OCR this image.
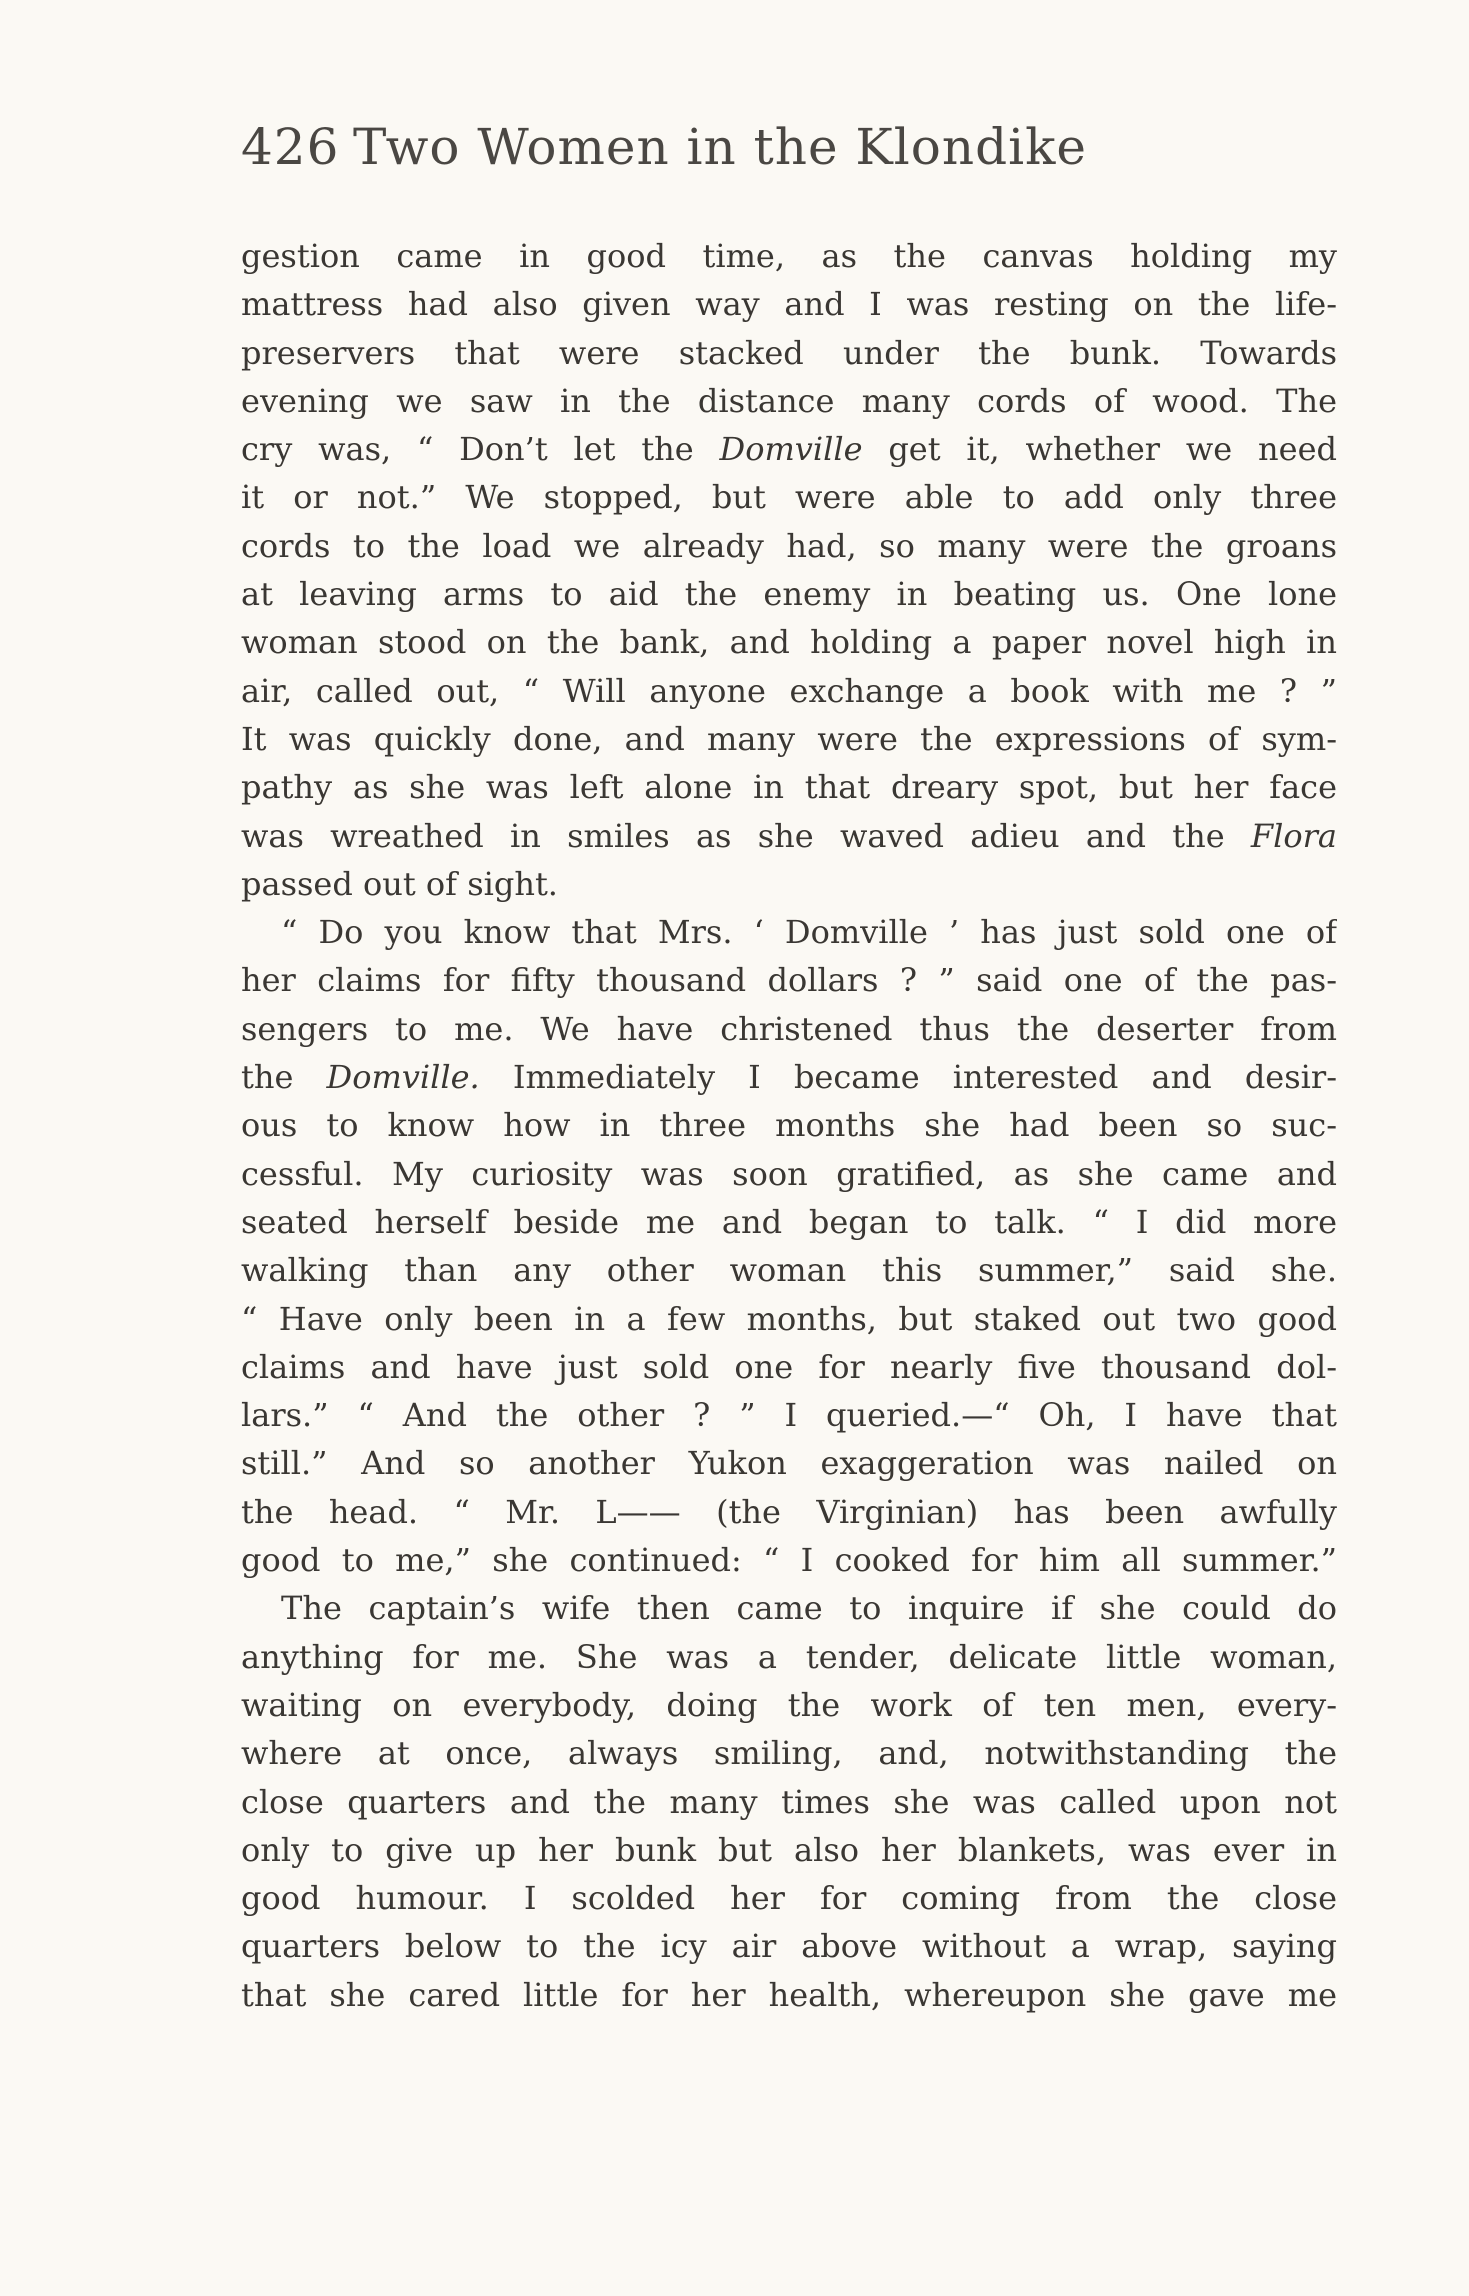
426 Two Women in the Klondike
gestion came in good time, as the canvas holding my
mattress had also given way and I was resting on the life-
preservers that were stacked under the bunk. Towards
evening we saw in the distance many cords of wood. The
cry was, “ Don’t let the Domville get it, whether we need
it or not.” We stopped, but were able to add only three
cords to the load we already had, so many were the groans
at leaving arms to aid the enemy in beating us. One lone
woman stood on the bank, and holding a paper novel high in
air, called out, “ Will anyone exchange a book with me ? ”
It was quickly done, and many were the expressions of sym-
pathy as she was left alone in that dreary spot, but her face
was wreathed in smiles as she waved adieu and the Flora
passed out of sight.
“ Do you know that Mrs. ‘ Domville ’ has just sold one of
her claims for fifty thousand dollars ? ” said one of the pas-
sengers to me. We have christened thus the deserter from
the Domville. Immediately I became interested and desir-
ous to know how in three months she had been so suc-
cessful. My curiosity was soon gratified, as she came and
seated herself beside me and began to talk. “ I did more
walking than any other woman this summer,” said she.
“ Have only been in a few months, but staked out two good
claims and have just sold one for nearly five thousand dol-
lars.” “ And the other ? ” I queried.—“ Oh, I have that
still.” And so another Yukon exaggeration was nailed on
the head. “ Mr. L—— (the Virginian) has been awfully
good to me,” she continued: “ I cooked for him all summer.”
The captain’s wife then came to inquire if she could do
anything for me. She was a tender, delicate little woman,
waiting on everybody, doing the work of ten men, every-
where at once, always smiling, and, notwithstanding the
close quarters and the many times she was called upon not
only to give up her bunk but also her blankets, was ever in
good humour. I scolded her for coming from the close
quarters below to the icy air above without a wrap, saying
that she cared little for her health, whereupon she gave me
